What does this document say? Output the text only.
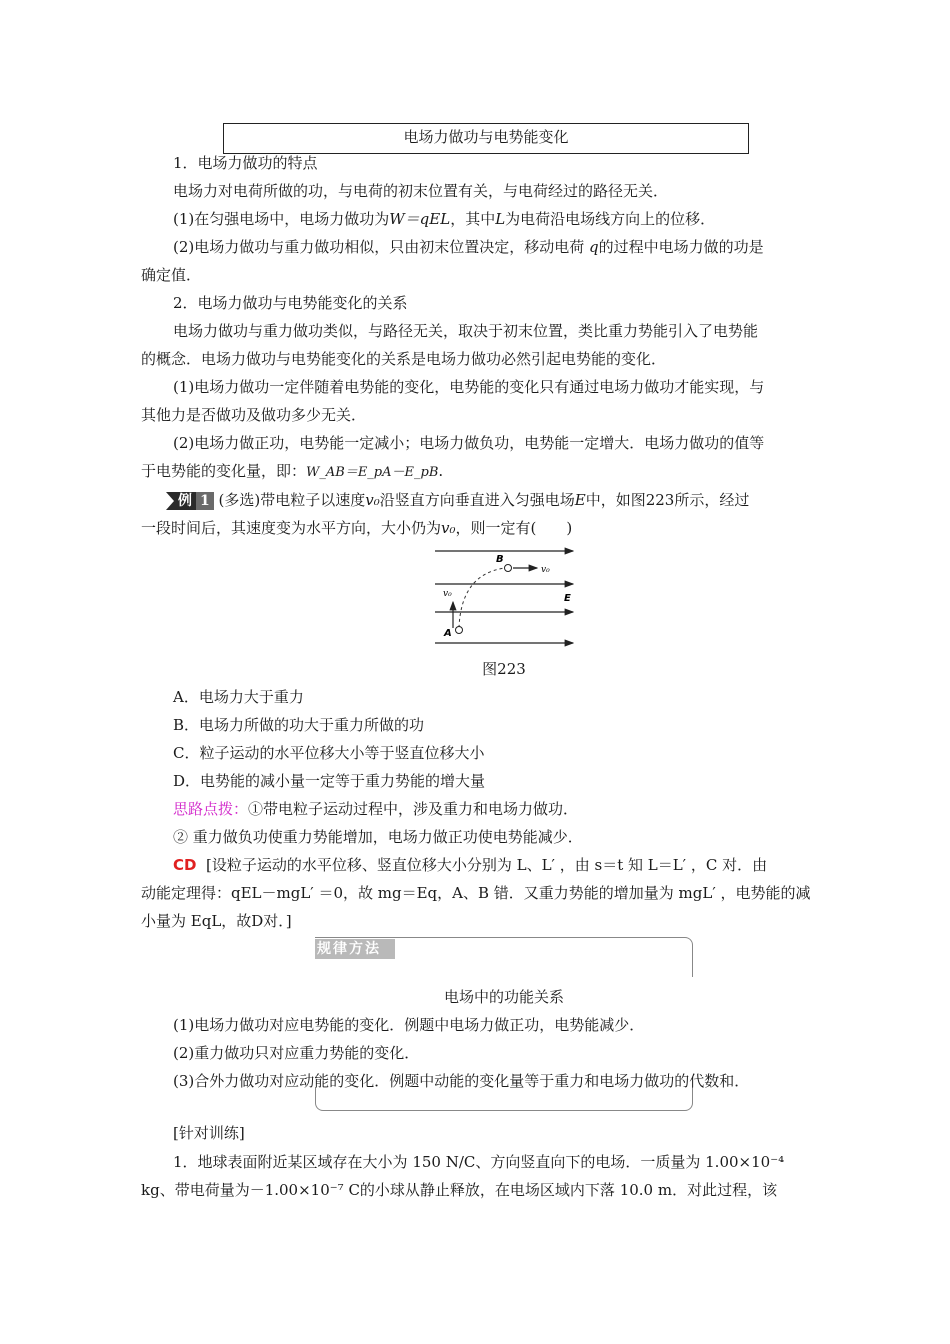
电场力做功与电势能变化
1．电场力做功的特点
电场力对电荷所做的功，与电荷的初末位置有关，与电荷经过的路径无关．
(1)在匀强电场中，电场力做功为W＝qEL，其中L为电荷沿电场线方向上的位移．
(2)电场力做功与重力做功相似，只由初末位置决定，移动电荷 q的过程中电场力做的功是
确定值．
2．电场力做功与电势能变化的关系
电场力做功与重力做功类似，与路径无关，取决于初末位置，类比重力势能引入了电势能
的概念．电场力做功与电势能变化的关系是电场力做功必然引起电势能的变化．
(1)电场力做功一定伴随着电势能的变化，电势能的变化只有通过电场力做功才能实现，与
其他力是否做功及做功多少无关．
(2)电场力做正功，电势能一定减小；电场力做负功，电势能一定增大．电场力做功的值等
于电势能的变化量，即：W_AB＝E_pA－E_pB.
例 1 (多选)带电粒子以速度v₀沿竖直方向垂直进入匀强电场E中，如图223所示，经过
一段时间后，其速度变为水平方向，大小仍为v₀，则一定有(　　)
B
v₀
v₀	E
A
图223
A．电场力大于重力
B．电场力所做的功大于重力所做的功
C．粒子运动的水平位移大小等于竖直位移大小
D．电势能的减小量一定等于重力势能的增大量
思路点拨：①带电粒子运动过程中，涉及重力和电场力做功．
② 重力做负功使重力势能增加，电场力做正功使电势能减少．
CD [设粒子运动的水平位移、竖直位移大小分别为 L、L′ ，由 s＝t 知 L＝L′ ，C 对．由
动能定理得：qEL－mgL′ ＝0，故 mg＝Eq，A、B 错．又重力势能的增加量为 mgL′ ，电势能的减
小量为 EqL，故D对．]
规律方法
电场中的功能关系
(1)电场力做功对应电势能的变化．例题中电场力做正功，电势能减少．
(2)重力做功只对应重力势能的变化．
(3)合外力做功对应动能的变化．例题中动能的变化量等于重力和电场力做功的代数和．
[针对训练]
1．地球表面附近某区域存在大小为 150 N/C、方向竖直向下的电场．一质量为 1.00×10⁻⁴
kg、带电荷量为－1.00×10⁻⁷ C的小球从静止释放，在电场区域内下落 10.0 m．对此过程，该
